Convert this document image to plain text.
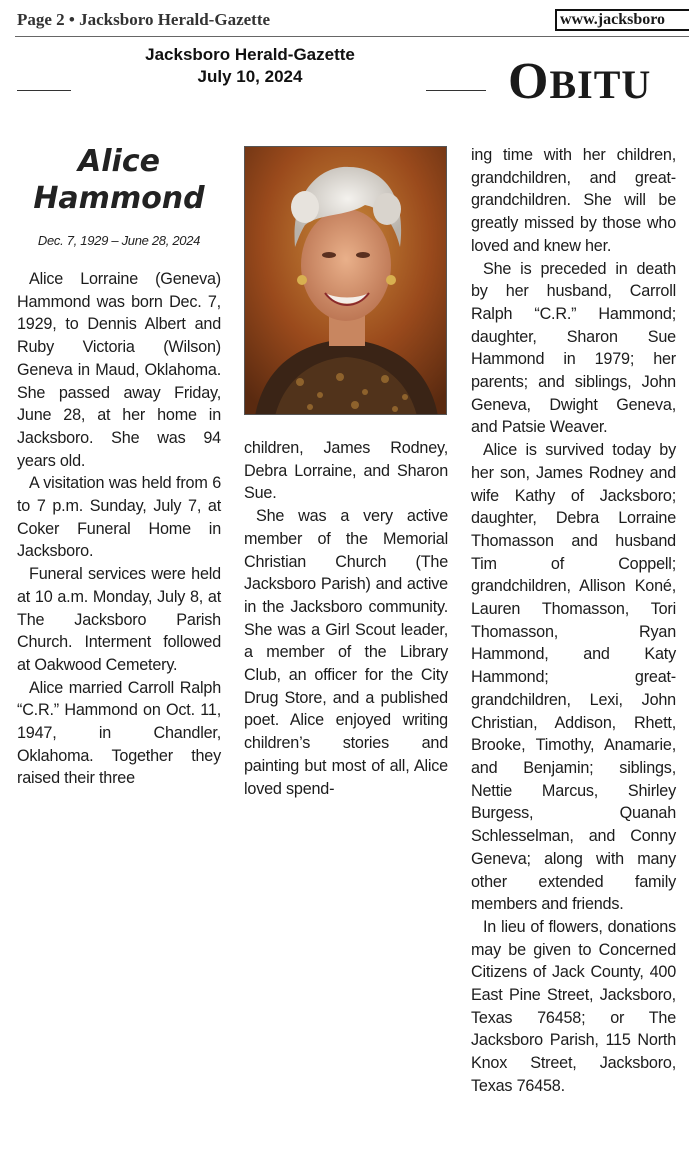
Page 2 • Jacksboro Herald-Gazette	www.jacksboro
Jacksboro Herald-Gazette
July 10, 2024	OBITU
Alice
Hammond
Dec. 7, 1929 – June 28, 2024

Alice Lorraine (Geneva) Hammond was born Dec. 7, 1929, to Dennis Albert and Ruby Victoria (Wilson) Geneva in Maud, Oklahoma. She passed away Friday, June 28, at her home in Jacksboro. She was 94 years old.

A visitation was held from 6 to 7 p.m. Sunday, July 7, at Coker Funeral Home in Jacksboro.

Funeral services were held at 10 a.m. Monday, July 8, at The Jacksboro Parish Church. Interment followed at Oakwood Cemetery.

Alice married Carroll Ralph “C.R.” Hammond on Oct. 11, 1947, in Chandler, Oklahoma. Together they raised their three

children, James Rodney, Debra Lorraine, and Sharon Sue.

She was a very active member of the Memorial Christian Church (The Jacksboro Parish) and active in the Jacksboro community. She was a Girl Scout leader, a member of the Library Club, an officer for the City Drug Store, and a published poet. Alice enjoyed writing children’s stories and painting but most of all, Alice loved spend-

ing time with her children, grandchildren, and great-grandchildren. She will be greatly missed by those who loved and knew her.

She is preceded in death by her husband, Carroll Ralph “C.R.” Hammond; daughter, Sharon Sue Hammond in 1979; her parents; and siblings, John Geneva, Dwight Geneva, and Patsie Weaver.

Alice is survived today by her son, James Rodney and wife Kathy of Jacksboro; daughter, Debra Lorraine Thomasson and husband Tim of Coppell; grandchildren, Allison Koné, Lauren Thomasson, Tori Thomasson, Ryan Hammond, and Katy Hammond; great-grandchildren, Lexi, John Christian, Addison, Rhett, Brooke, Timothy, Anamarie, and Benjamin; siblings, Nettie Marcus, Shirley Burgess, Quanah Schlesselman, and Conny Geneva; along with many other extended family members and friends.

In lieu of flowers, donations may be given to Concerned Citizens of Jack County, 400 East Pine Street, Jacksboro, Texas 76458; or The Jacksboro Parish, 115 North Knox Street, Jacksboro, Texas 76458.
